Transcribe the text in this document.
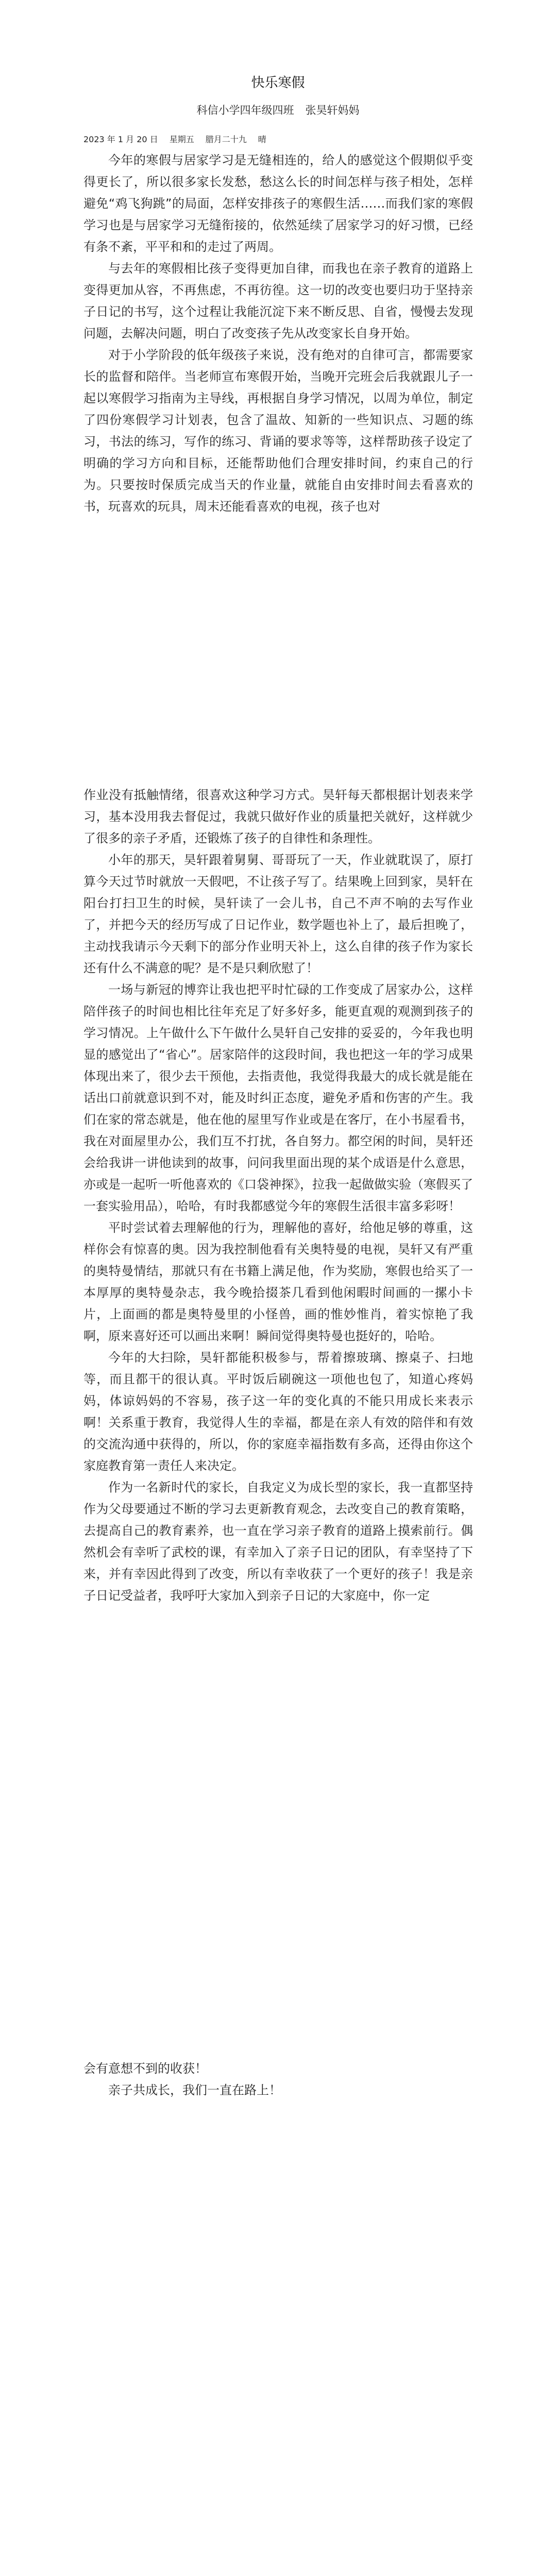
快乐寒假

科信小学四年级四班 张昊轩妈妈

2023 年 1 月 20 日 星期五 腊月二十九 晴

今年的寒假与居家学习是无缝相连的，给人的感觉这个假期似乎变得更长了，所以很多家长发愁，愁这么长的时间怎样与孩子相处，怎样避免“鸡飞狗跳”的局面，怎样安排孩子的寒假生活……而我们家的寒假学习也是与居家学习无缝衔接的，依然延续了居家学习的好习惯，已经有条不紊，平平和和的走过了两周。

与去年的寒假相比孩子变得更加自律，而我也在亲子教育的道路上变得更加从容，不再焦虑，不再彷徨。这一切的改变也要归功于坚持亲子日记的书写，这个过程让我能沉淀下来不断反思、自省，慢慢去发现问题，去解决问题，明白了改变孩子先从改变家长自身开始。

对于小学阶段的低年级孩子来说，没有绝对的自律可言，都需要家长的监督和陪伴。当老师宣布寒假开始，当晚开完班会后我就跟儿子一起以寒假学习指南为主导线，再根据自身学习情况，以周为单位，制定了四份寒假学习计划表，包含了温故、知新的一些知识点、习题的练习，书法的练习，写作的练习、背诵的要求等等，这样帮助孩子设定了明确的学习方向和目标，还能帮助他们合理安排时间，约束自己的行为。只要按时保质完成当天的作业量，就能自由安排时间去看喜欢的书，玩喜欢的玩具，周末还能看喜欢的电视，孩子也对

作业没有抵触情绪，很喜欢这种学习方式。昊轩每天都根据计划表来学习，基本没用我去督促过，我就只做好作业的质量把关就好，这样就少了很多的亲子矛盾，还锻炼了孩子的自律性和条理性。

小年的那天，昊轩跟着舅舅、哥哥玩了一天，作业就耽误了，原打算今天过节时就放一天假吧，不让孩子写了。结果晚上回到家，昊轩在阳台打扫卫生的时候，昊轩读了一会儿书，自己不声不响的去写作业了，并把今天的经历写成了日记作业，数学题也补上了，最后担晚了，主动找我请示今天剩下的部分作业明天补上，这么自律的孩子作为家长还有什么不满意的呢？是不是只剩欣慰了！

一场与新冠的博弈让我也把平时忙碌的工作变成了居家办公，这样陪伴孩子的时间也相比往年充足了好多好多，能更直观的观测到孩子的学习情况。上午做什么下午做什么昊轩自己安排的妥妥的，今年我也明显的感觉出了“省心”。居家陪伴的这段时间，我也把这一年的学习成果体现出来了，很少去干预他，去指责他，我觉得我最大的成长就是能在话出口前就意识到不对，能及时纠正态度，避免矛盾和伤害的产生。我们在家的常态就是，他在他的屋里写作业或是在客厅，在小书屋看书，我在对面屋里办公，我们互不打扰，各自努力。都空闲的时间，昊轩还会给我讲一讲他读到的故事，问问我里面出现的某个成语是什么意思，亦或是一起听一听他喜欢的《口袋神探》，拉我一起做做实验（寒假买了一套实验用品），哈哈，有时我都感觉今年的寒假生活很丰富多彩呀！

平时尝试着去理解他的行为，理解他的喜好，给他足够的尊重，这样你会有惊喜的奥。因为我控制他看有关奥特曼的电视，昊轩又有严重的奥特曼情结，那就只有在书籍上满足他，作为奖励，寒假也给买了一本厚厚的奥特曼杂志，我今晚拾掇茶几看到他闲暇时间画的一摞小卡片，上面画的都是奥特曼里的小怪兽，画的惟妙惟肖，着实惊艳了我啊，原来喜好还可以画出来啊！瞬间觉得奥特曼也挺好的，哈哈。

今年的大扫除，昊轩都能积极参与，帮着擦玻璃、擦桌子、扫地等，而且都干的很认真。平时饭后刷碗这一项他也包了，知道心疼妈妈，体谅妈妈的不容易，孩子这一年的变化真的不能只用成长来表示啊！关系重于教育，我觉得人生的幸福，都是在亲人有效的陪伴和有效的交流沟通中获得的，所以，你的家庭幸福指数有多高，还得由你这个家庭教育第一责任人来决定。

作为一名新时代的家长，自我定义为成长型的家长，我一直都坚持作为父母要通过不断的学习去更新教育观念，去改变自己的教育策略，去提高自己的教育素养，也一直在学习亲子教育的道路上摸索前行。偶然机会有幸听了武校的课，有幸加入了亲子日记的团队，有幸坚持了下来，并有幸因此得到了改变，所以有幸收获了一个更好的孩子！我是亲子日记受益者，我呼吁大家加入到亲子日记的大家庭中，你一定

会有意想不到的收获！

亲子共成长，我们一直在路上！
